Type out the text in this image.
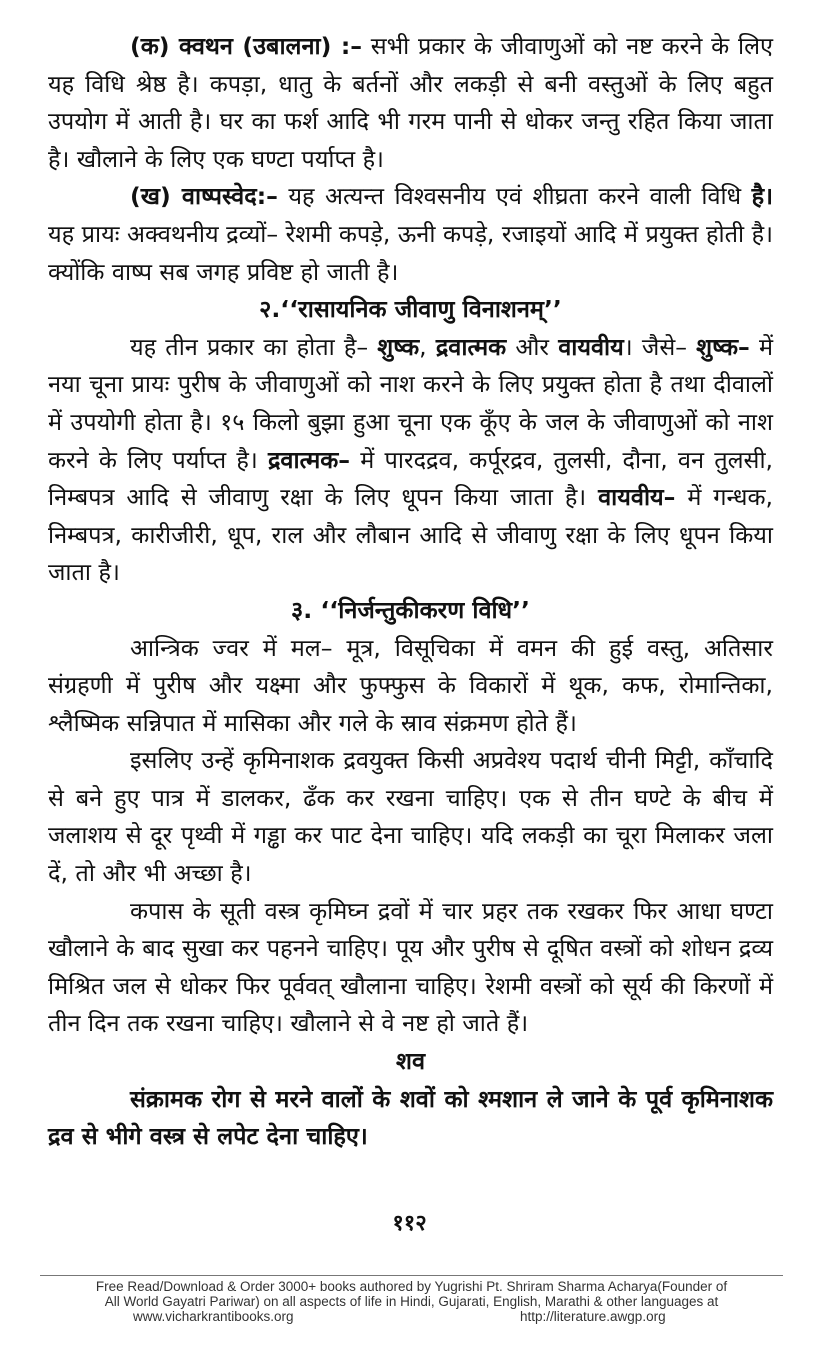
(क) क्वथन (उबालना) :– सभी प्रकार के जीवाणुओं को नष्ट करने के लिए यह विधि श्रेष्ठ है। कपड़ा, धातु के बर्तनों और लकड़ी से बनी वस्तुओं के लिए बहुत उपयोग में आती है। घर का फर्श आदि भी गरम पानी से धोकर जन्तु रहित किया जाता है। खौलाने के लिए एक घण्टा पर्याप्त है।

(ख) वाष्पस्वेद:– यह अत्यन्त विश्वसनीय एवं शीघ्रता करने वाली विधि है। यह प्रायः अक्वथनीय द्रव्यों– रेशमी कपड़े, ऊनी कपड़े, रजाइयों आदि में प्रयुक्त होती है। क्योंकि वाष्प सब जगह प्रविष्ट हो जाती है।

२.‘‘रासायनिक जीवाणु विनाशनम्’’

यह तीन प्रकार का होता है– शुष्क, द्रवात्मक और वायवीय। जैसे– शुष्क– में नया चूना प्रायः पुरीष के जीवाणुओं को नाश करने के लिए प्रयुक्त होता है तथा दीवालों में उपयोगी होता है। १५ किलो बुझा हुआ चूना एक कूँए के जल के जीवाणुओं को नाश करने के लिए पर्याप्त है। द्रवात्मक– में पारदद्रव, कर्पूरद्रव, तुलसी, दौना, वन तुलसी, निम्बपत्र आदि से जीवाणु रक्षा के लिए धूपन किया जाता है। वायवीय– में गन्धक, निम्बपत्र, कारीजीरी, धूप, राल और लौबान आदि से जीवाणु रक्षा के लिए धूपन किया जाता है।

३. ‘‘निर्जन्तुकीकरण विधि’’

आन्त्रिक ज्वर में मल– मूत्र, विसूचिका में वमन की हुई वस्तु, अतिसार संग्रहणी में पुरीष और यक्ष्मा और फुफ्फुस के विकारों में थूक, कफ, रोमान्तिका, श्लैष्मिक सन्निपात में मासिका और गले के स्राव संक्रमण होते हैं।

इसलिए उन्हें कृमिनाशक द्रवयुक्त किसी अप्रवेश्य पदार्थ चीनी मिट्टी, काँचादि से बने हुए पात्र में डालकर, ढँक कर रखना चाहिए। एक से तीन घण्टे के बीच में जलाशय से दूर पृथ्वी में गड्ढा कर पाट देना चाहिए। यदि लकड़ी का चूरा मिलाकर जला दें, तो और भी अच्छा है।

कपास के सूती वस्त्र कृमिघ्न द्रवों में चार प्रहर तक रखकर फिर आधा घण्टा खौलाने के बाद सुखा कर पहनने चाहिए। पूय और पुरीष से दूषित वस्त्रों को शोधन द्रव्य मिश्रित जल से धोकर फिर पूर्ववत् खौलाना चाहिए। रेशमी वस्त्रों को सूर्य की किरणों में तीन दिन तक रखना चाहिए। खौलाने से वे नष्ट हो जाते हैं।

शव

संक्रामक रोग से मरने वालों के शवों को श्मशान ले जाने के पूर्व कृमिनाशक द्रव से भीगे वस्त्र से लपेट देना चाहिए।

११२
Free Read/Download & Order 3000+ books authored by Yugrishi Pt. Shriram Sharma Acharya(Founder of
All World Gayatri Pariwar) on all aspects of life in Hindi, Gujarati, English, Marathi & other languages at
www.vicharkrantibooks.org	http://literature.awgp.org
